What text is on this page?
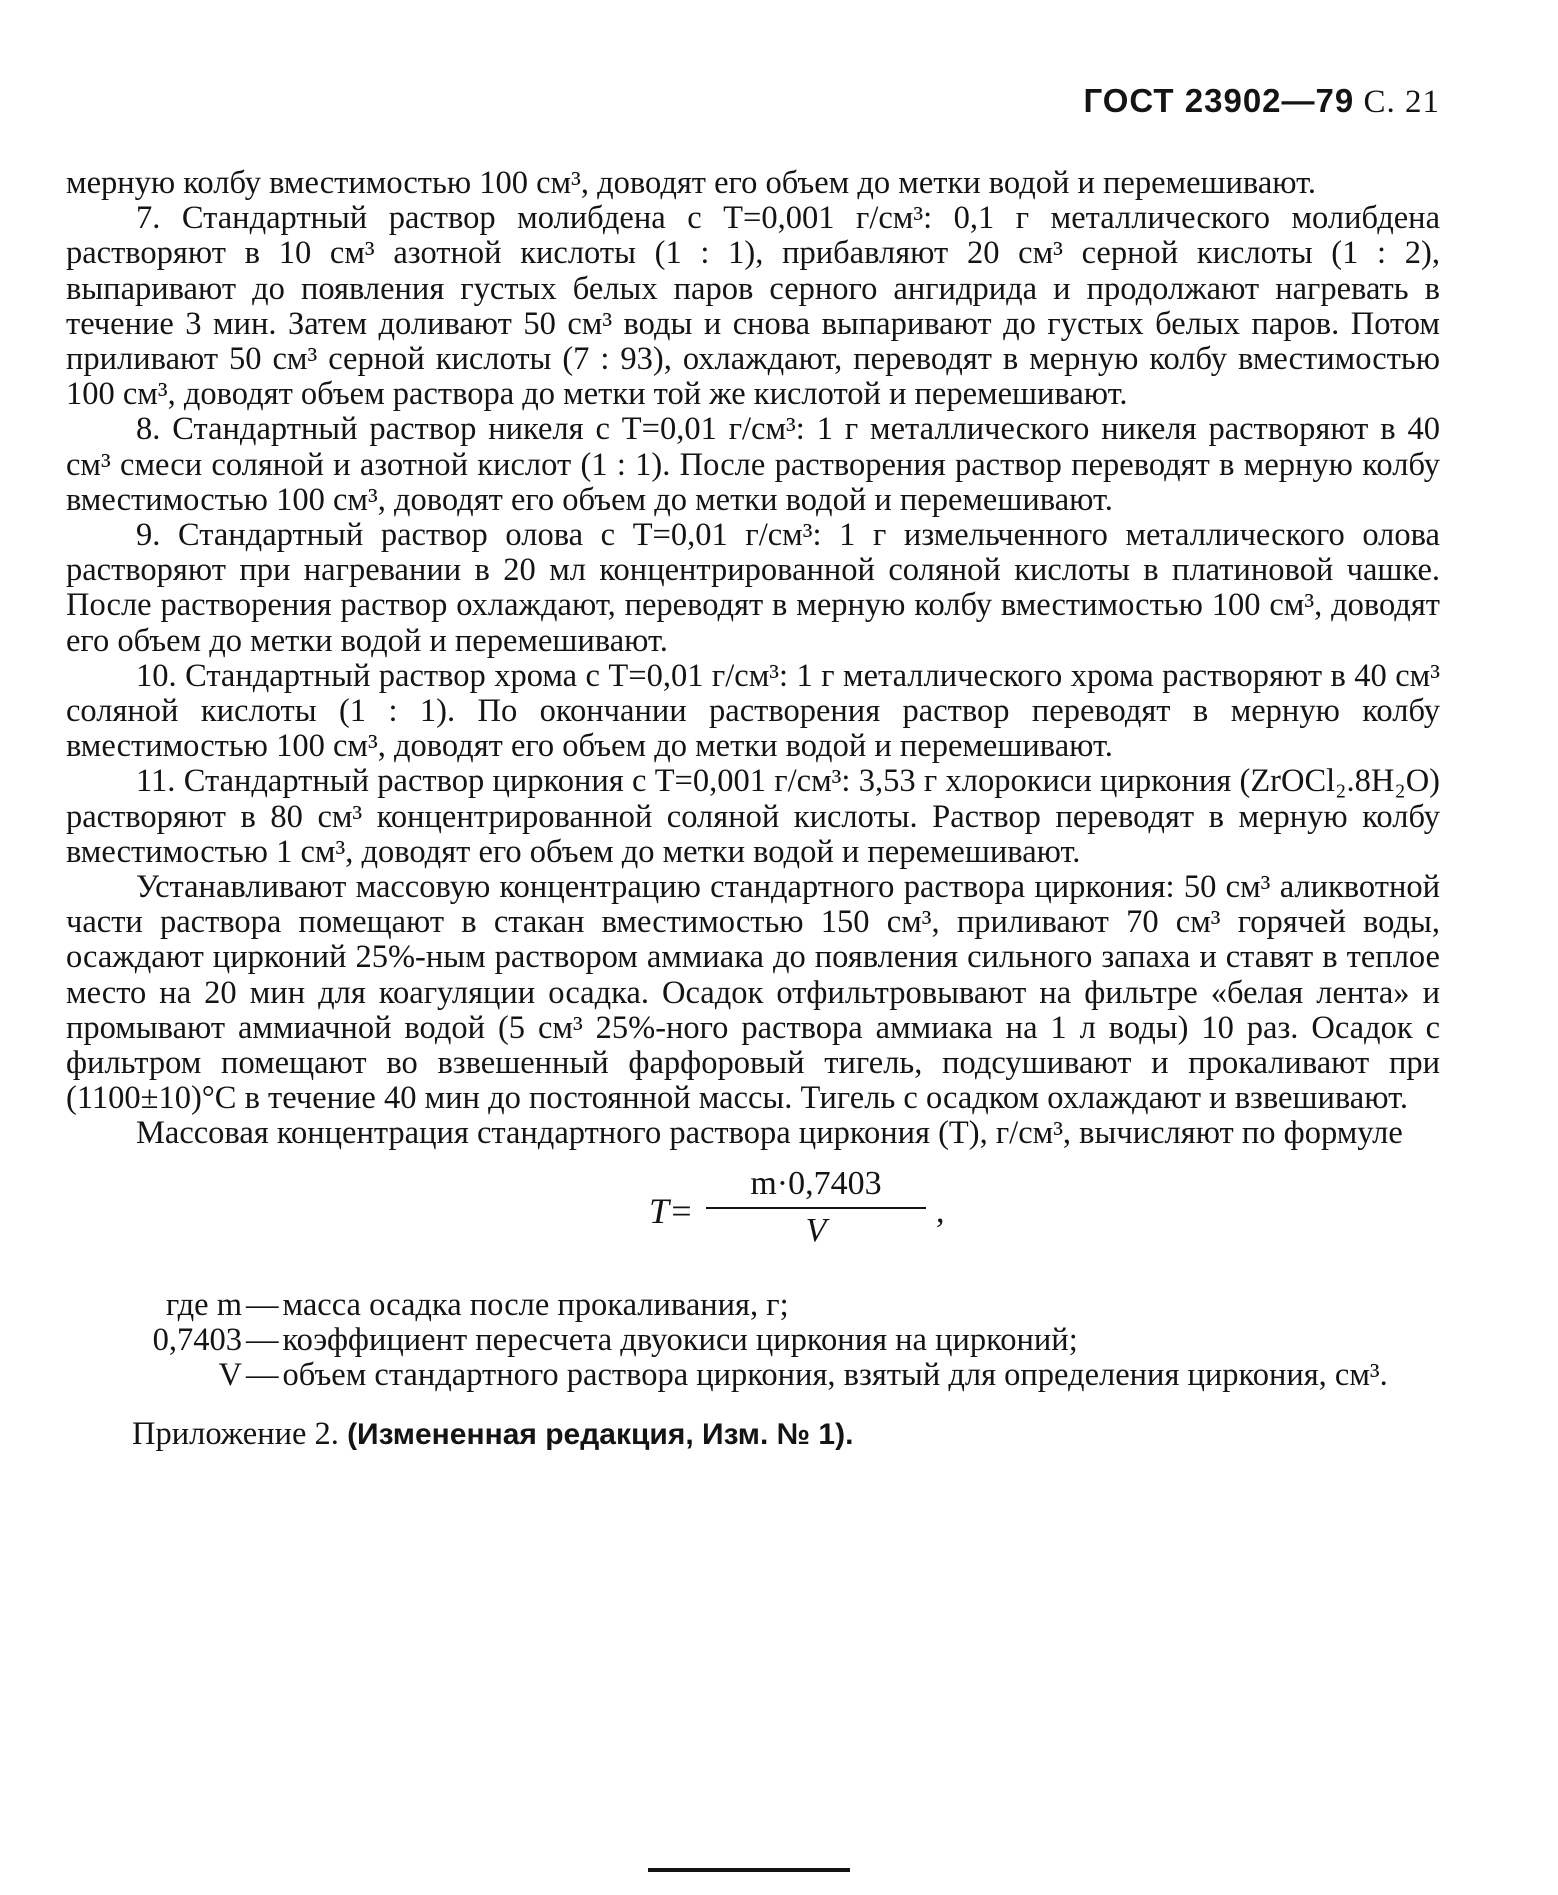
ГОСТ 23902—79 С. 21

мерную колбу вместимостью 100 см³, доводят его объем до метки водой и перемешивают.

7. Стандартный раствор молибдена с T=0,001 г/см³: 0,1 г металлического молибдена растворяют в 10 см³ азотной кислоты (1 : 1), прибавляют 20 см³ серной кислоты (1 : 2), выпаривают до появления густых белых паров серного ангидрида и продолжают нагревать в течение 3 мин. Затем доливают 50 см³ воды и снова выпаривают до густых белых паров. Потом приливают 50 см³ серной кислоты (7 : 93), охлаждают, переводят в мерную колбу вместимостью 100 см³, доводят объем раствора до метки той же кислотой и перемешивают.

8. Стандартный раствор никеля с T=0,01 г/см³: 1 г металлического никеля растворяют в 40 см³ смеси соляной и азотной кислот (1 : 1). После растворения раствор переводят в мерную колбу вместимостью 100 см³, доводят его объем до метки водой и перемешивают.

9. Стандартный раствор олова с T=0,01 г/см³: 1 г измельченного металлического олова растворяют при нагревании в 20 мл концентрированной соляной кислоты в платиновой чашке. После растворения раствор охлаждают, переводят в мерную колбу вместимостью 100 см³, доводят его объем до метки водой и перемешивают.

10. Стандартный раствор хрома с T=0,01 г/см³: 1 г металлического хрома растворяют в 40 см³ соляной кислоты (1 : 1). По окончании растворения раствор переводят в мерную колбу вместимостью 100 см³, доводят его объем до метки водой и перемешивают.

11. Стандартный раствор циркония с T=0,001 г/см³: 3,53 г хлорокиси циркония (ZrOCl₂.8H₂O) растворяют в 80 см³ концентрированной соляной кислоты. Раствор переводят в мерную колбу вместимостью 1 см³, доводят его объем до метки водой и перемешивают.

Устанавливают массовую концентрацию стандартного раствора циркония: 50 см³ аликвотной части раствора помещают в стакан вместимостью 150 см³, приливают 70 см³ горячей воды, осаждают цирконий 25%-ным раствором аммиака до появления сильного запаха и ставят в теплое место на 20 мин для коагуляции осадка. Осадок отфильтровывают на фильтре «белая лента» и промывают аммиачной водой (5 см³ 25%-ного раствора аммиака на 1 л воды) 10 раз. Осадок с фильтром помещают во взвешенный фарфоровый тигель, подсушивают и прокаливают при (1100±10)°С в течение 40 мин до постоянной массы. Тигель с осадком охлаждают и взвешивают.

Массовая концентрация стандартного раствора циркония (T), г/см³, вычисляют по формуле

$T= \frac{m\cdot 0,7403}{V}$ ,
где m — масса осадка после прокаливания, г;
0,7403 — коэффициент пересчета двуокиси циркония на цирконий;
V — объем стандартного раствора циркония, взятый для определения циркония, см³.

Приложение 2. (Измененная редакция, Изм. № 1).
